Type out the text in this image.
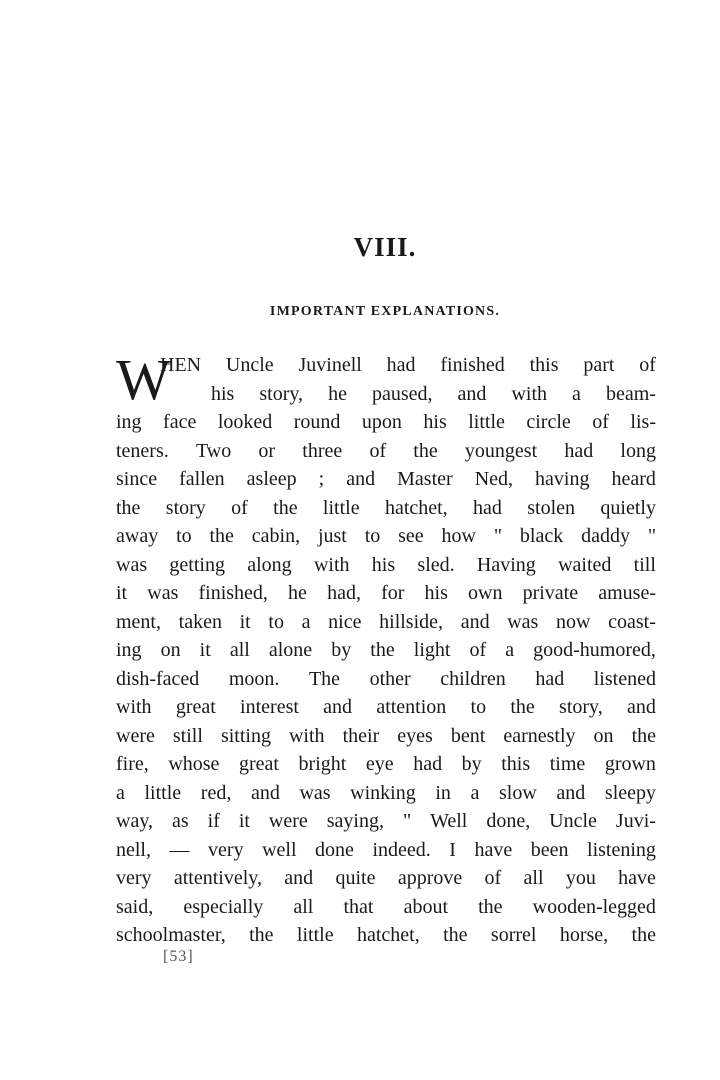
VIII.
IMPORTANT EXPLANATIONS.
W
HEN Uncle Juvinell had finished this part of
his story, he paused, and with a beam-
ing face looked round upon his little circle of lis-
teners. Two or three of the youngest had long
since fallen asleep ; and Master Ned, having heard
the story of the little hatchet, had stolen quietly
away to the cabin, just to see how " black daddy "
was getting along with his sled. Having waited till
it was finished, he had, for his own private amuse-
ment, taken it to a nice hillside, and was now coast-
ing on it all alone by the light of a good-humored,
dish-faced moon. The other children had listened
with great interest and attention to the story, and
were still sitting with their eyes bent earnestly on the
fire, whose great bright eye had by this time grown
a little red, and was winking in a slow and sleepy
way, as if it were saying, " Well done, Uncle Juvi-
nell, — very well done indeed. I have been listening
very attentively, and quite approve of all you have
said, especially all that about the wooden-legged
schoolmaster, the little hatchet, the sorrel horse, the
[53]
